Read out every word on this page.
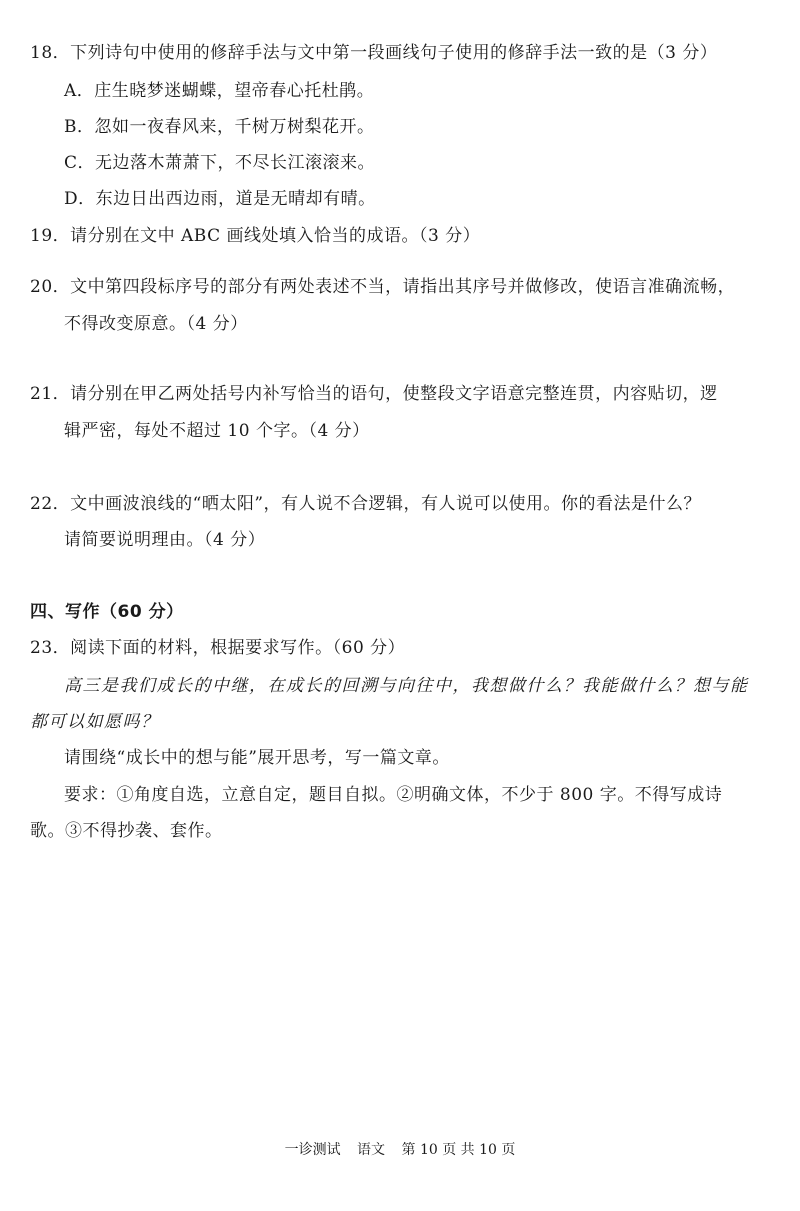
18．下列诗句中使用的修辞手法与文中第一段画线句子使用的修辞手法一致的是（3 分）
A．庄生晓梦迷蝴蝶，望帝春心托杜鹃。
B．忽如一夜春风来，千树万树梨花开。
C．无边落木萧萧下，不尽长江滚滚来。
D．东边日出西边雨，道是无晴却有晴。
19．请分别在文中 ABC 画线处填入恰当的成语。（3 分）
20．文中第四段标序号的部分有两处表述不当，请指出其序号并做修改，使语言准确流畅，
不得改变原意。（4 分）
21．请分别在甲乙两处括号内补写恰当的语句，使整段文字语意完整连贯，内容贴切，逻
辑严密，每处不超过 10 个字。（4 分）
22．文中画波浪线的“晒太阳”，有人说不合逻辑，有人说可以使用。你的看法是什么？
请简要说明理由。（4 分）
四、写作（60 分）
23．阅读下面的材料，根据要求写作。（60 分）
高三是我们成长的中继，在成长的回溯与向往中，我想做什么？我能做什么？想与能
都可以如愿吗？
请围绕“成长中的想与能”展开思考，写一篇文章。
要求：①角度自选，立意自定，题目自拟。②明确文体，不少于 800 字。不得写成诗
歌。③不得抄袭、套作。
一诊测试 语文 第 10 页 共 10 页
